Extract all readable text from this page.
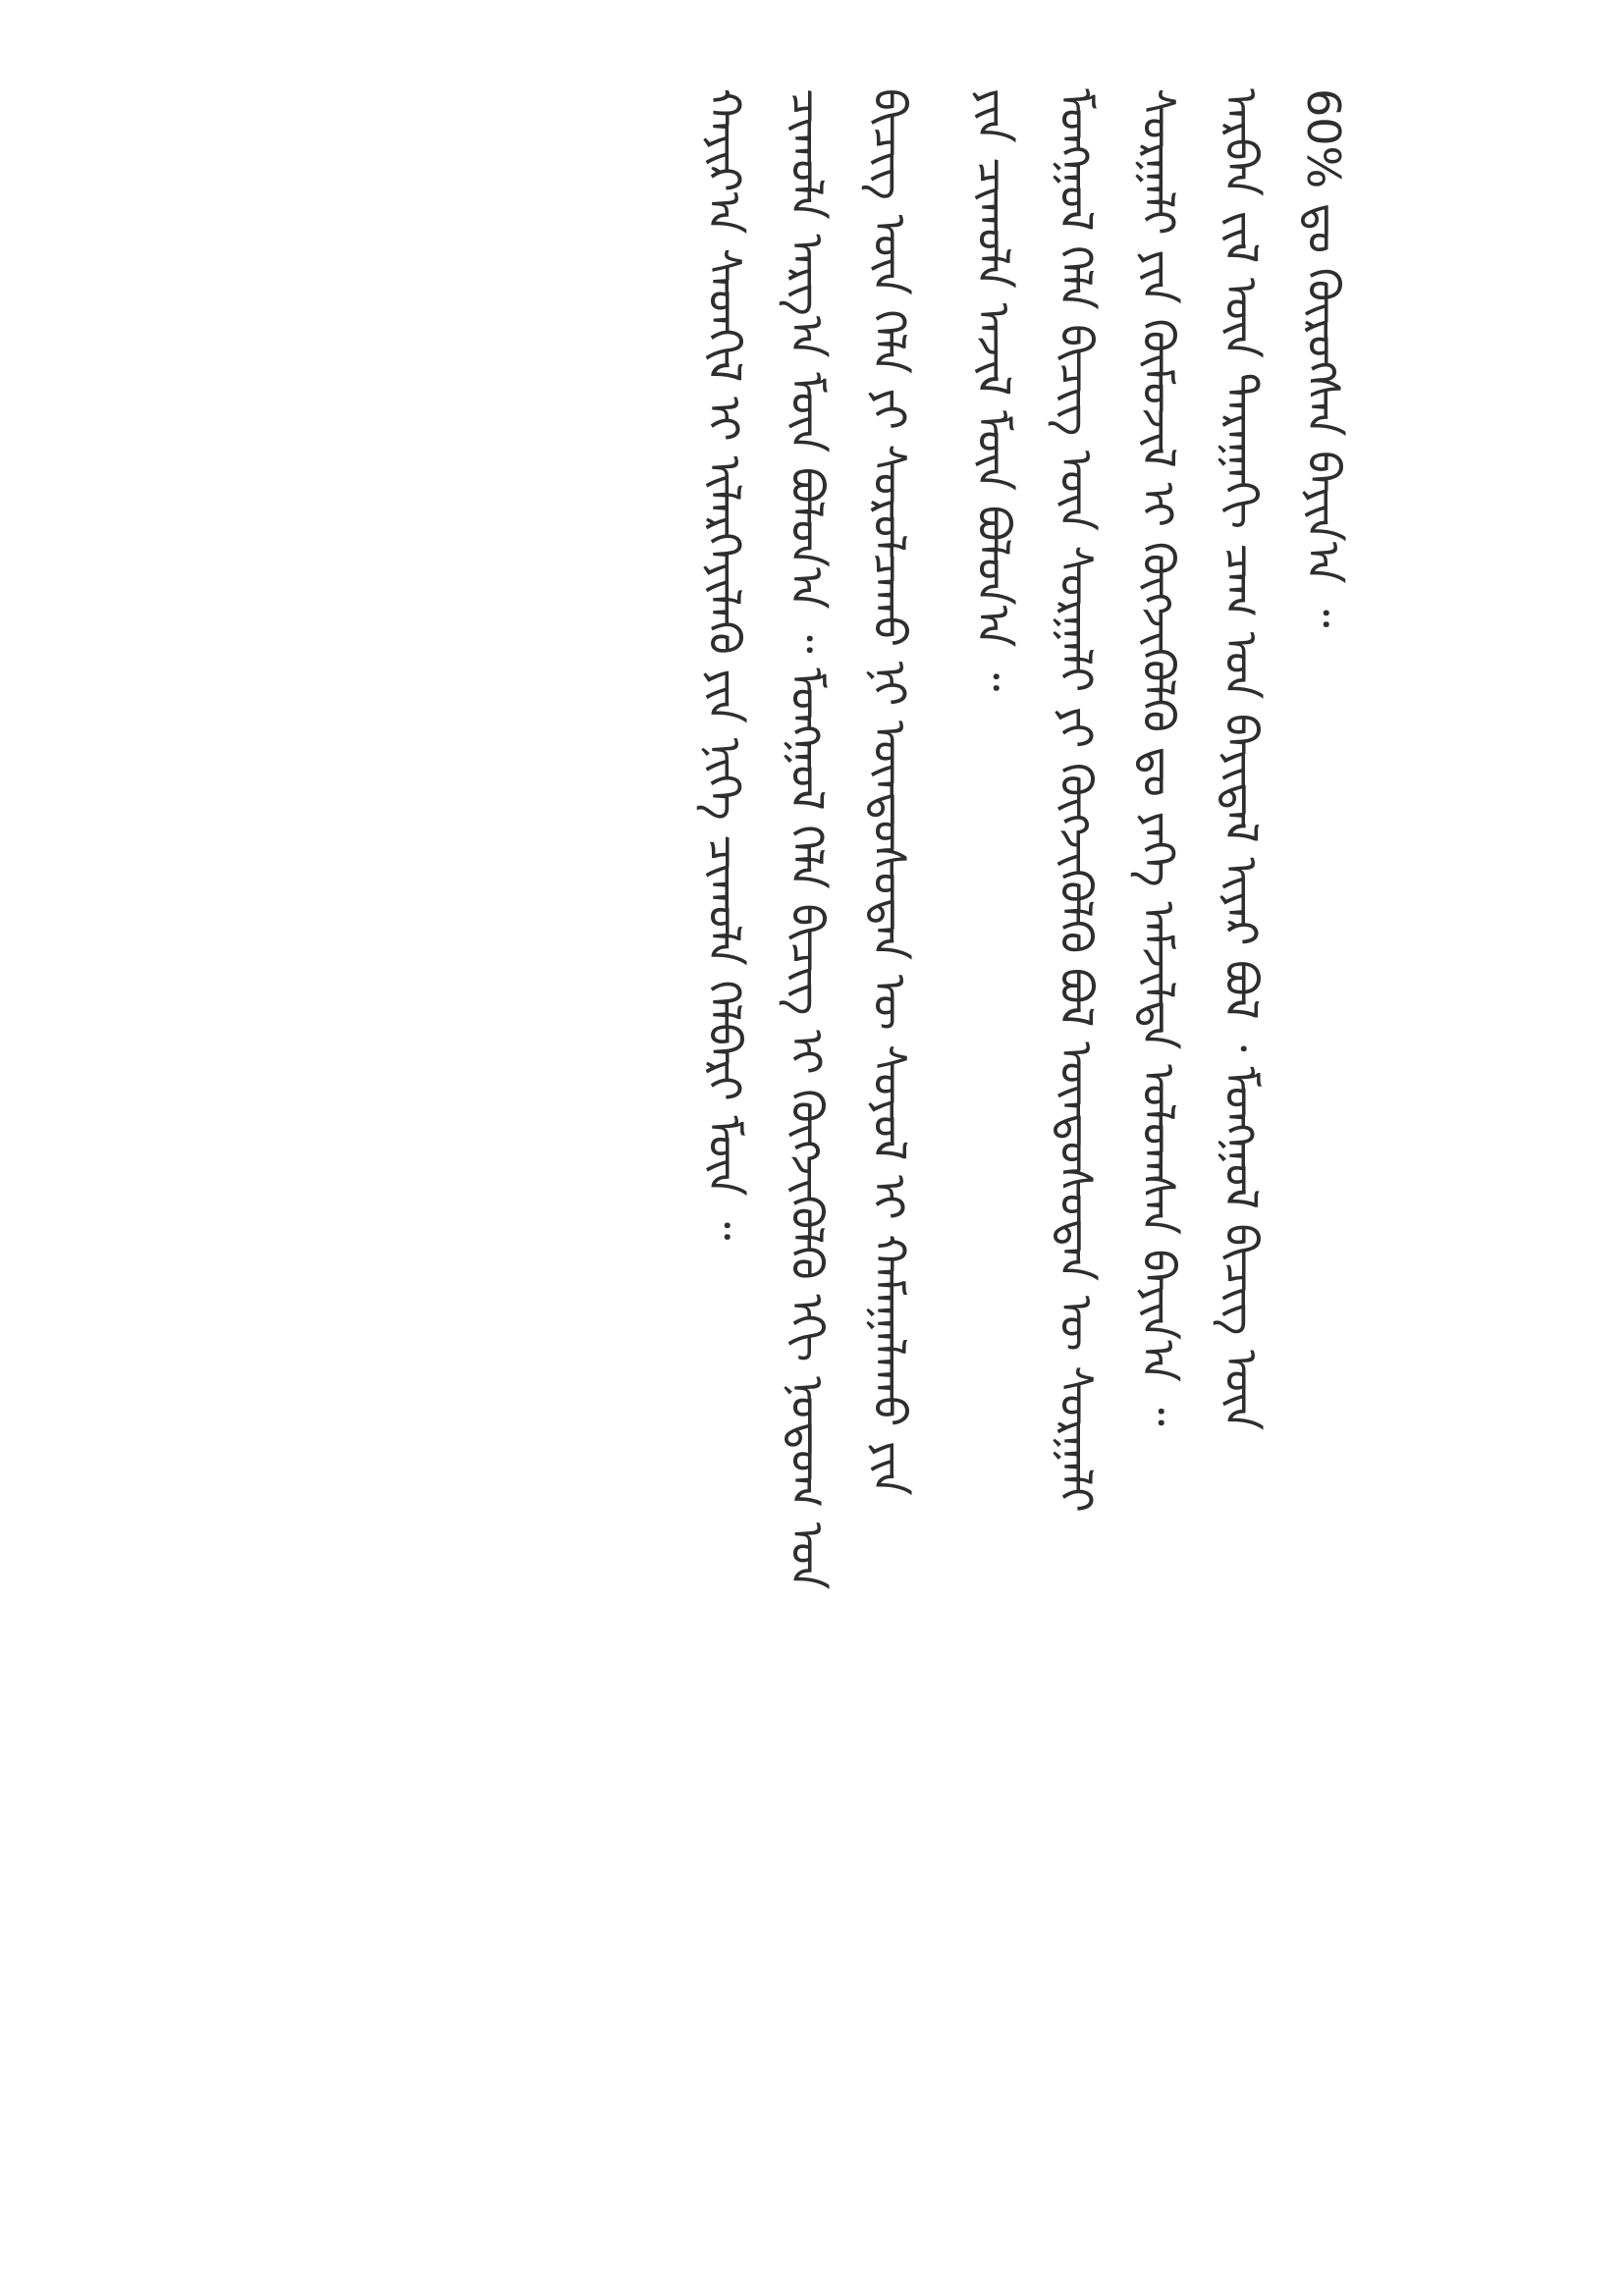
60% ᠳᠤ ᠬᠦᠷᠦᠭᠰᠡᠨ ᠪᠠᠶᠢᠨ᠎ᠠ ᠃
ᠠᠷᠪᠠᠨ ᠵᠢᠯ ᠦᠨ ᠳᠠᠷᠠᠭᠠᠬᠢ ᠴᠠᠭ ᠤᠨ ᠪᠠᠶᠢᠳᠠᠯ ᠢᠶᠠᠷ ᠪᠣᠯ ᠂ ᠮᠣᠩᠭᠣᠯ ᠪᠢᠴᠢᠭ ᠦᠨ
ᠰᠤᠷᠭᠠᠯᠢ ᠶᠢᠨ ᠬᠦᠮᠦᠵᠢᠯ ᠢ ᠬᠥᠭᠵᠢᠭᠦᠯᠬᠦ ᠳᠤ ᠶᠡᠬᠡ ᠠᠮᠵᠢᠯᠲᠠ ᠣᠯᠤᠭᠰᠠᠨ ᠪᠠᠶᠢᠨ᠎ᠠ ᠃
ᠮᠣᠩᠭᠣᠯ ᠬᠡᠯᠡ ᠪᠢᠴᠢᠭ ᠦᠨ ᠰᠤᠷᠭᠠᠯᠢ ᠶᠢ ᠬᠥᠭᠵᠢᠭᠦᠯᠬᠦ ᠪᠣᠯ ᠦᠨᠳᠦᠰᠦᠲᠡᠨ ᠦ ᠰᠤᠷᠭᠠᠯᠢ
ᠶᠢᠨ ᠴᠢᠬᠤᠯᠠ ᠠᠵᠢᠯ ᠮᠥᠨ ᠪᠣᠯᠤᠨ᠎ᠠ ᠃
ᠪᠢᠴᠢᠭ ᠦᠨ ᠬᠡᠯᠡ ᠶᠢ ᠰᠤᠷᠤᠯᠴᠠᠬᠤ ᠨᠢ ᠦᠨᠳᠦᠰᠦᠲᠡᠨ ᠦ ᠰᠣᠶᠣᠯ ᠢ ᠬᠠᠮᠠᠭᠠᠯᠠᠬᠤ ᠶᠢᠨ
ᠴᠢᠬᠤᠯᠠ ᠠᠷᠭ᠎ᠠ ᠮᠥᠨ ᠪᠣᠯᠤᠨ᠎ᠠ ᠃ ᠮᠣᠩᠭᠣᠯ ᠬᠡᠯᠡ ᠪᠢᠴᠢᠭ ᠢ ᠬᠥᠭᠵᠢᠭᠦᠯᠬᠦ ᠡᠬᠢ ᠨᠤᠲᠤᠭ ᠤᠨ
ᠬᠠᠶᠢᠷ᠎ᠠ ᠰᠡᠳᠬᠢᠯ ᠢ ᠢᠯᠡᠷᠬᠡᠶᠢᠯᠡᠬᠦ ᠶᠢᠨ ᠨᠢᠭᠡ ᠴᠢᠬᠤᠯᠠ ᠬᠡᠯᠪᠡᠷᠢ ᠮᠥᠨ ᠃
